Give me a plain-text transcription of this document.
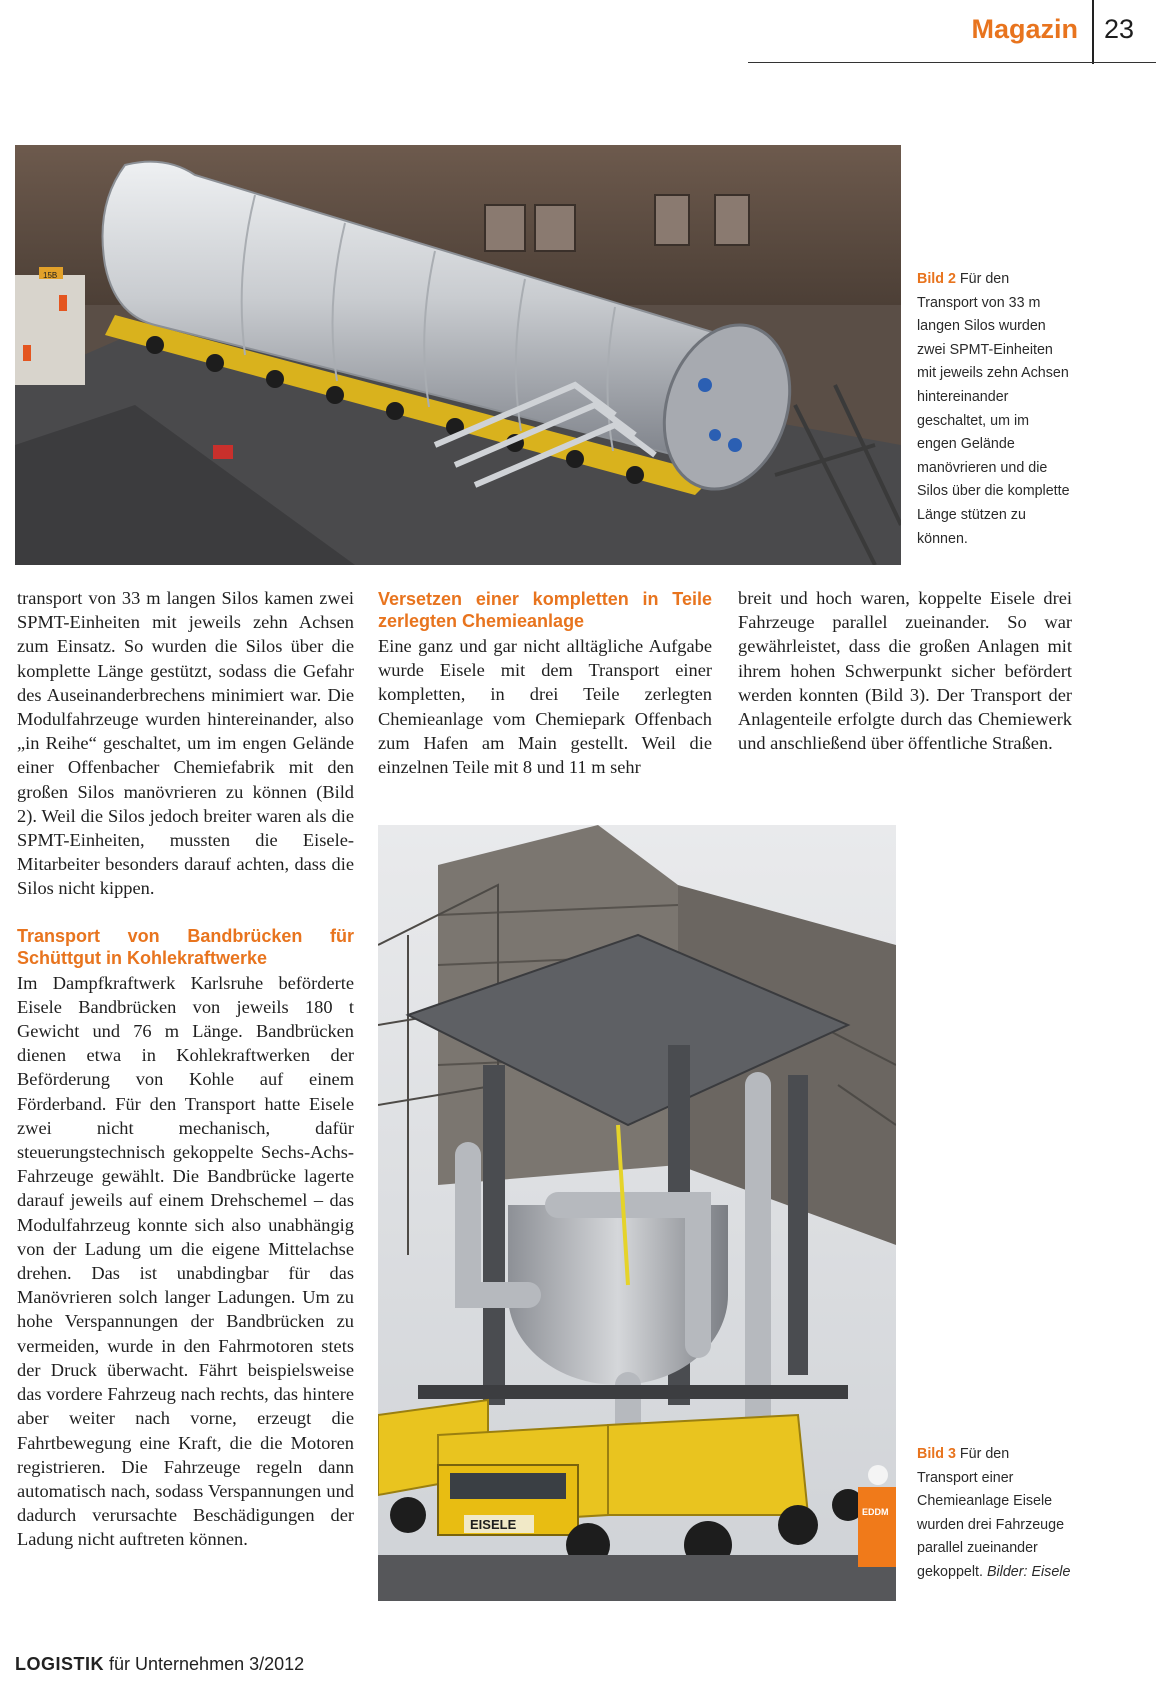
Magazin 23
15B	Bild 2 Für den Transport von 33 m langen Silos wurden zwei SPMT-Einheiten mit jeweils zehn Achsen hintereinander geschaltet, um im engen Gelände manövrieren und die Silos über die komplette Länge stützen zu können.

transport von 33 m langen Silos kamen zwei SPMT-Einheiten mit jeweils zehn Achsen zum Einsatz. So wurden die Silos über die komplette Länge gestützt, sodass die Gefahr des Auseinanderbrechens minimiert war. Die Modulfahrzeuge wurden hintereinander, also „in Reihe“ geschaltet, um im engen Gelände einer Offenbacher Chemiefabrik mit den großen Silos manövrieren zu können (Bild 2). Weil die Silos jedoch breiter waren als die SPMT-Einheiten, mussten die Eisele-Mitarbeiter besonders darauf achten, dass die Silos nicht kippen.

Transport von Bandbrücken für Schüttgut in Kohlekraftwerke

Im Dampfkraftwerk Karlsruhe beförderte Eisele Bandbrücken von jeweils 180 t Gewicht und 76 m Länge. Bandbrücken dienen etwa in Kohlekraftwerken der Beförderung von Kohle auf einem Förderband. Für den Transport hatte Eisele zwei nicht mechanisch, dafür steuerungstechnisch gekoppelte Sechs-Achs-Fahrzeuge gewählt. Die Bandbrücke lagerte darauf jeweils auf einem Drehschemel – das Modulfahrzeug konnte sich also unabhängig von der Ladung um die eigene Mittelachse drehen. Das ist unabdingbar für das Manövrieren solch langer Ladungen. Um zu hohe Verspannungen der Bandbrücken zu vermeiden, wurde in den Fahrmotoren stets der Druck überwacht. Fährt beispielsweise das vordere Fahrzeug nach rechts, das hintere aber weiter nach vorne, erzeugt die Fahrtbewegung eine Kraft, die die Motoren registrieren. Die Fahrzeuge regeln dann automatisch nach, sodass Verspannungen und dadurch verursachte Beschädigungen der Ladung nicht auftreten können.

Versetzen einer kompletten in Teile zerlegten Chemieanlage

Eine ganz und gar nicht alltägliche Aufgabe wurde Eisele mit dem Transport einer kompletten, in drei Teile zerlegten Chemieanlage vom Chemiepark Offenbach zum Hafen am Main gestellt. Weil die einzelnen Teile mit 8 und 11 m sehr

breit und hoch waren, koppelte Eisele drei Fahrzeuge parallel zueinander. So war gewährleistet, dass die großen Anlagen mit ihrem hohen Schwerpunkt sicher befördert werden konnten (Bild 3). Der Transport der Anlagenteile erfolgte durch das Chemiewerk und anschließend über öffentliche Straßen.

EISELE
EDDM
Bild 3 Für den Transport einer Chemieanlage Eisele wurden drei Fahrzeuge parallel zueinander gekoppelt. Bilder: Eisele
LOGISTIK für Unternehmen 3/2012
